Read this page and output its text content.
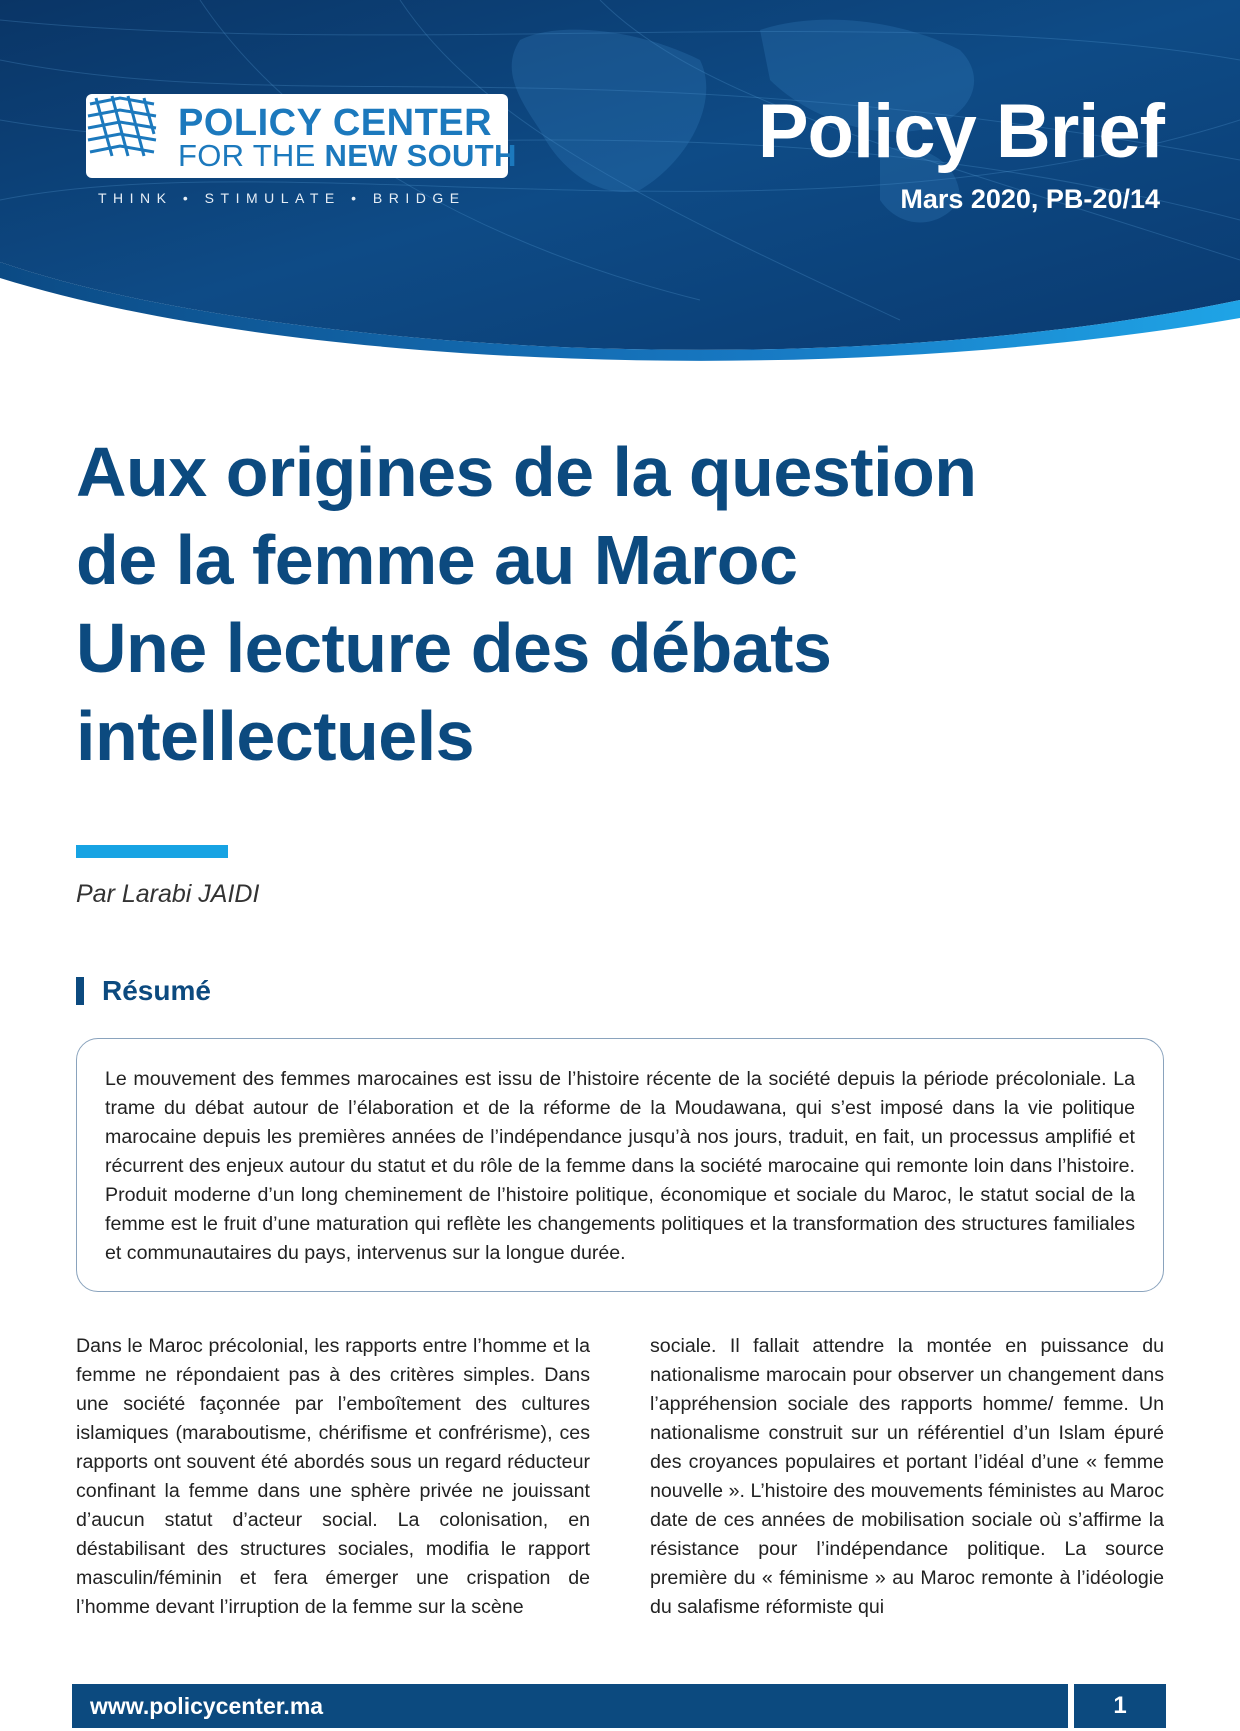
POLICY CENTER
FOR THE NEW SOUTH
THINK • STIMULATE • BRIDGE
Policy Brief
Mars 2020, PB-20/14
Aux origines de la question
de la femme au Maroc
Une lecture des débats
intellectuels
Par Larabi JAIDI
Résumé
Le mouvement des femmes marocaines est issu de l’histoire récente de la société depuis la période précoloniale. La trame du débat autour de l’élaboration et de la réforme de la Moudawana, qui s’est imposé dans la vie politique marocaine depuis les premières années de l’indépendance jusqu’à nos jours, traduit, en fait, un processus amplifié et récurrent des enjeux autour du statut et du rôle de la femme dans la société marocaine qui remonte loin dans l’histoire. Produit moderne d’un long cheminement de l’histoire politique, économique et sociale du Maroc, le statut social de la femme est le fruit d’une maturation qui reflète les changements politiques et la transformation des structures familiales et communautaires du pays, intervenus sur la longue durée.
Dans le Maroc précolonial, les rapports entre l’homme et la femme ne répondaient pas à des critères simples. Dans une société façonnée par l’emboîtement des cultures islamiques (maraboutisme, chérifisme et confrérisme), ces rapports ont souvent été abordés sous un regard réducteur confinant la femme dans une sphère privée ne jouissant d’aucun statut d’acteur social. La colonisation, en déstabilisant des structures sociales, modifia le rapport masculin/féminin et fera émerger une crispation de l’homme devant l’irruption de la femme sur la scène
sociale. Il fallait attendre la montée en puissance du nationalisme marocain pour observer un changement dans l’appréhension sociale des rapports homme/ femme. Un nationalisme construit sur un référentiel d’un Islam épuré des croyances populaires et portant l’idéal d’une « femme nouvelle ». L’histoire des mouvements féministes au Maroc date de ces années de mobilisation sociale où s’affirme la résistance pour l’indépendance politique. La source première du « féminisme » au Maroc remonte à l’idéologie du salafisme réformiste qui
www.policycenter.ma	1
